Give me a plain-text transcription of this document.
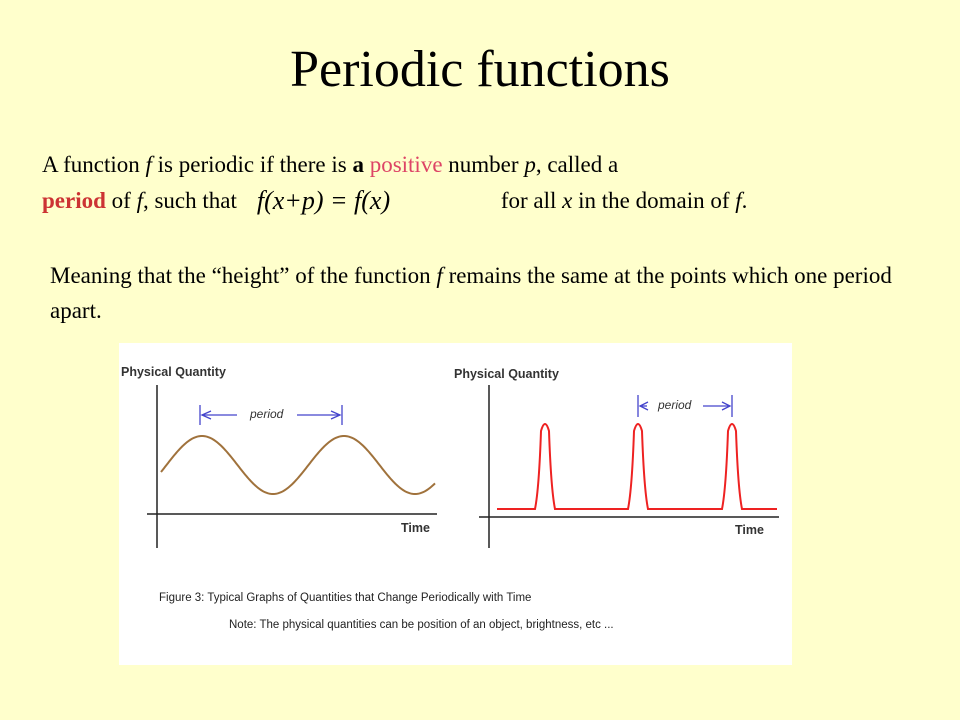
Periodic functions
A function f is periodic if there is a positive number p, called a
period of f, such that f(x+p) = f(x)	for all x in the domain of f.
Meaning that the “height” of the function f remains the same at the points which one period apart.
Physical Quantity
Time
period
Physical Quantity
Time
period
Figure 3: Typical Graphs of Quantities that Change Periodically with Time
Note: The physical quantities can be position of an object, brightness, etc ...
